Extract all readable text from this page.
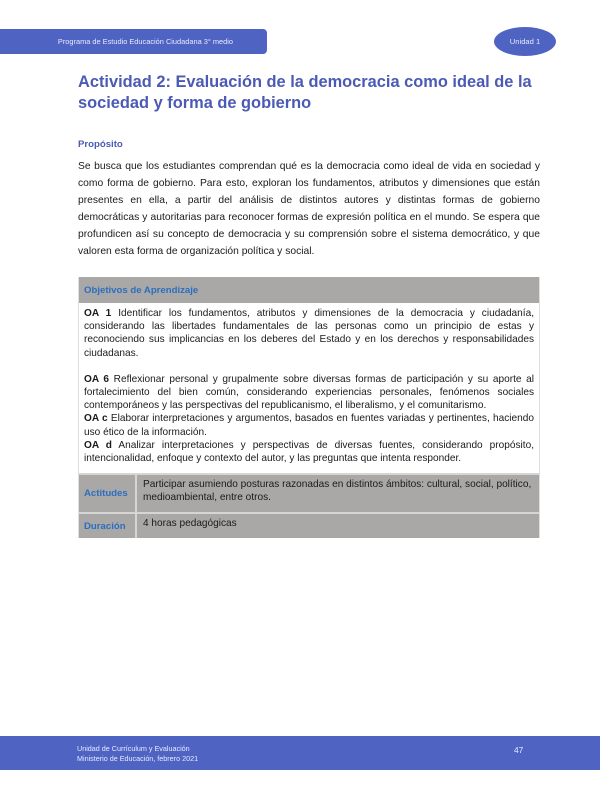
Programa de Estudio Educación Ciudadana 3° medio	Unidad 1
Actividad 2: Evaluación de la democracia como ideal de la sociedad y forma de gobierno
Propósito

Se busca que los estudiantes comprendan qué es la democracia como ideal de vida en sociedad y como forma de gobierno. Para esto, exploran los fundamentos, atributos y dimensiones que están presentes en ella, a partir del análisis de distintos autores y distintas formas de gobierno democráticas y autoritarias para reconocer formas de expresión política en el mundo. Se espera que profundicen así su concepto de democracia y su comprensión sobre el sistema democrático, y que valoren esta forma de organización política y social.

Objetivos de Aprendizaje

OA 1 Identificar los fundamentos, atributos y dimensiones de la democracia y ciudadanía, considerando las libertades fundamentales de las personas como un principio de estas y reconociendo sus implicancias en los deberes del Estado y en los derechos y responsabilidades ciudadanas.

OA 6 Reflexionar personal y grupalmente sobre diversas formas de participación y su aporte al fortalecimiento del bien común, considerando experiencias personales, fenómenos sociales contemporáneos y las perspectivas del republicanismo, el liberalismo, y el comunitarismo.

OA c Elaborar interpretaciones y argumentos, basados en fuentes variadas y pertinentes, haciendo uso ético de la información.

OA d Analizar interpretaciones y perspectivas de diversas fuentes, considerando propósito, intencionalidad, enfoque y contexto del autor, y las preguntas que intenta responder.

Actitudes
Participar asumiendo posturas razonadas en distintos ámbitos: cultural, social, político, medioambiental, entre otros.
Duración	4 horas pedagógicas
Unidad de Currículum y Evaluación
Ministerio de Educación, febrero 2021
47
